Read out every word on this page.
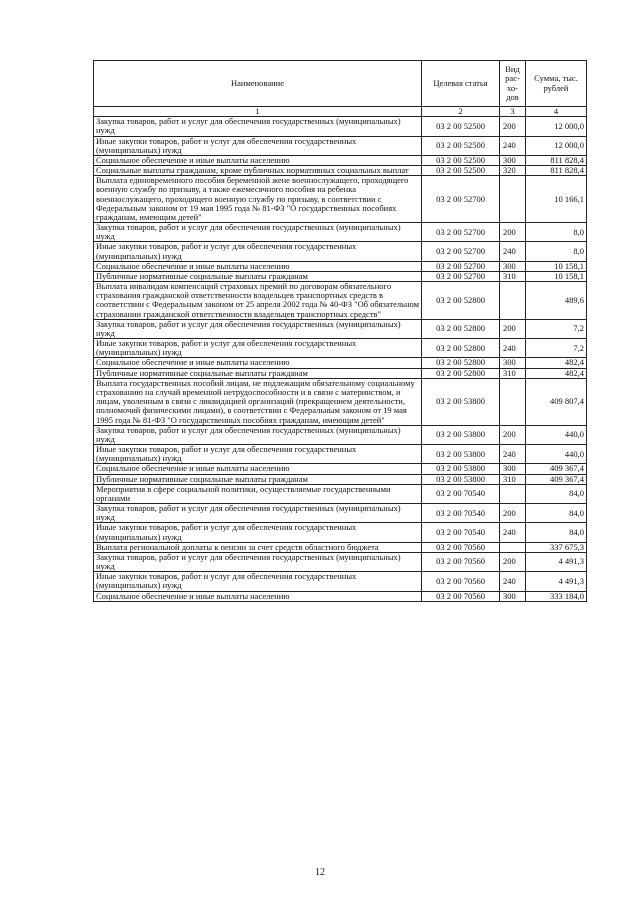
Наименование	Целевая статья	Вид рас-хо-дов	Сумма, тыс. рублей
1	2	3	4
Закупка товаров, работ и услуг для обеспечения государственных (муниципальных) нужд	03 2 00 52500	200	12 000,0
Иные закупки товаров, работ и услуг для обеспечения государственных (муниципальных) нужд	03 2 00 52500	240	12 000,0
Социальное обеспечение и иные выплаты населению	03 2 00 52500	300	811 828,4
Социальные выплаты гражданам, кроме публичных нормативных социальных выплат	03 2 00 52500	320	811 828,4
Выплата единовременного пособия беременной жене военнослужащего, проходящего военную службу по призыву, а также ежемесячного пособия на ребенка военнослужащего, проходящего военную службу по призыву, в соответствии с Федеральным законом от 19 мая 1995 года № 81-ФЗ "О государственных пособиях гражданам, имеющим детей"	03 2 00 52700		10 166,1
Закупка товаров, работ и услуг для обеспечения государственных (муниципальных) нужд	03 2 00 52700	200	8,0
Иные закупки товаров, работ и услуг для обеспечения государственных (муниципальных) нужд	03 2 00 52700	240	8,0
Социальное обеспечение и иные выплаты населению	03 2 00 52700	300	10 158,1
Публичные нормативные социальные выплаты гражданам	03 2 00 52700	310	10 158,1
Выплата инвалидам компенсаций страховых премий по договорам обязательного страхования гражданской ответственности владельцев транспортных средств в соответствии с Федеральным законом от 25 апреля 2002 года № 40-ФЗ "Об обязательном страховании гражданской ответственности владельцев транспортных средств"	03 2 00 52800		489,6
Закупка товаров, работ и услуг для обеспечения государственных (муниципальных) нужд	03 2 00 52800	200	7,2
Иные закупки товаров, работ и услуг для обеспечения государственных (муниципальных) нужд	03 2 00 52800	240	7,2
Социальное обеспечение и иные выплаты населению	03 2 00 52800	300	482,4
Публичные нормативные социальные выплаты гражданам	03 2 00 52800	310	482,4
Выплата государственных пособий лицам, не подлежащим обязательному социальному страхованию на случай временной нетрудоспособности и в связи с материнством, и лицам, уволенным в связи с ликвидацией организаций (прекращением деятельности, полномочий физическими лицами), в соответствии с Федеральным законом от 19 мая 1995 года № 81-ФЗ "О государственных пособиях гражданам, имеющим детей"	03 2 00 53800		409 807,4
Закупка товаров, работ и услуг для обеспечения государственных (муниципальных) нужд	03 2 00 53800	200	440,0
Иные закупки товаров, работ и услуг для обеспечения государственных (муниципальных) нужд	03 2 00 53800	240	440,0
Социальное обеспечение и иные выплаты населению	03 2 00 53800	300	409 367,4
Публичные нормативные социальные выплаты гражданам	03 2 00 53800	310	409 367,4
Мероприятия в сфере социальной политики, осуществляемые государственными органами	03 2 00 70540		84,0
Закупка товаров, работ и услуг для обеспечения государственных (муниципальных) нужд	03 2 00 70540	200	84,0
Иные закупки товаров, работ и услуг для обеспечения государственных (муниципальных) нужд	03 2 00 70540	240	84,0
Выплата региональной доплаты к пенсии за счет средств областного бюджета	03 2 00 70560		337 675,3
Закупка товаров, работ и услуг для обеспечения государственных (муниципальных) нужд	03 2 00 70560	200	4 491,3
Иные закупки товаров, работ и услуг для обеспечения государственных (муниципальных) нужд	03 2 00 70560	240	4 491,3
Социальное обеспечение и иные выплаты населению	03 2 00 70560	300	333 184,0
12
